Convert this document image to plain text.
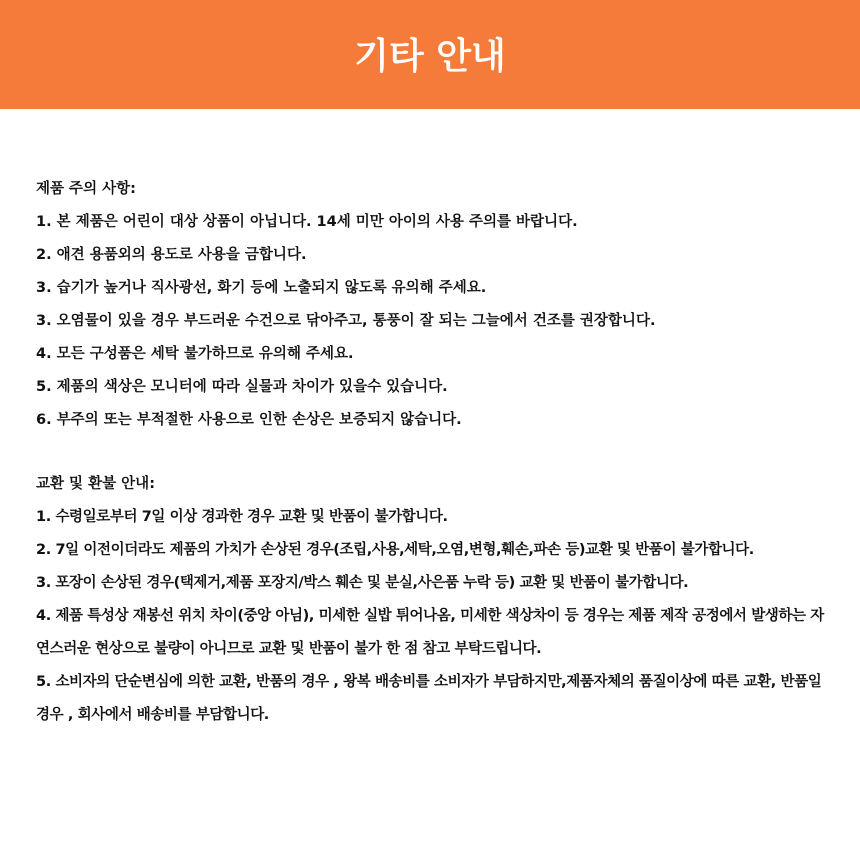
기타 안내
제품 주의 사항:
1. 본 제품은 어린이 대상 상품이 아닙니다. 14세 미만 아이의 사용 주의를 바랍니다.
2. 애견 용품외의 용도로 사용을 금합니다.
3. 습기가 높거나 직사광선, 화기 등에 노출되지 않도록 유의해 주세요.
3. 오염물이 있을 경우 부드러운 수건으로 닦아주고, 통풍이 잘 되는 그늘에서 건조를 권장합니다.
4. 모든 구성품은 세탁 불가하므로 유의해 주세요.
5. 제품의 색상은 모니터에 따라 실물과 차이가 있을수 있습니다.
6. 부주의 또는 부적절한 사용으로 인한 손상은 보증되지 않습니다.
교환 및 환불 안내:
1. 수령일로부터 7일 이상 경과한 경우 교환 및 반품이 불가합니다.
2. 7일 이전이더라도 제품의 가치가 손상된 경우(조립,사용,세탁,오염,변형,훼손,파손 등)교환 및 반품이 불가합니다.
3. 포장이 손상된 경우(택제거,제품 포장지/박스 훼손 및 분실,사은품 누락 등) 교환 및 반품이 불가합니다.
4. 제품 특성상 재봉선 위치 차이(중앙 아님), 미세한 실밥 튀어나옴, 미세한 색상차이 등 경우는 제품 제작 공정에서 발생하는 자
연스러운 현상으로 불량이 아니므로 교환 및 반품이 불가 한 점 참고 부탁드립니다.
5. 소비자의 단순변심에 의한 교환, 반품의 경우 , 왕복 배송비를 소비자가 부담하지만,제품자체의 품질이상에 따른 교환, 반품일
경우 , 회사에서 배송비를 부담합니다.
